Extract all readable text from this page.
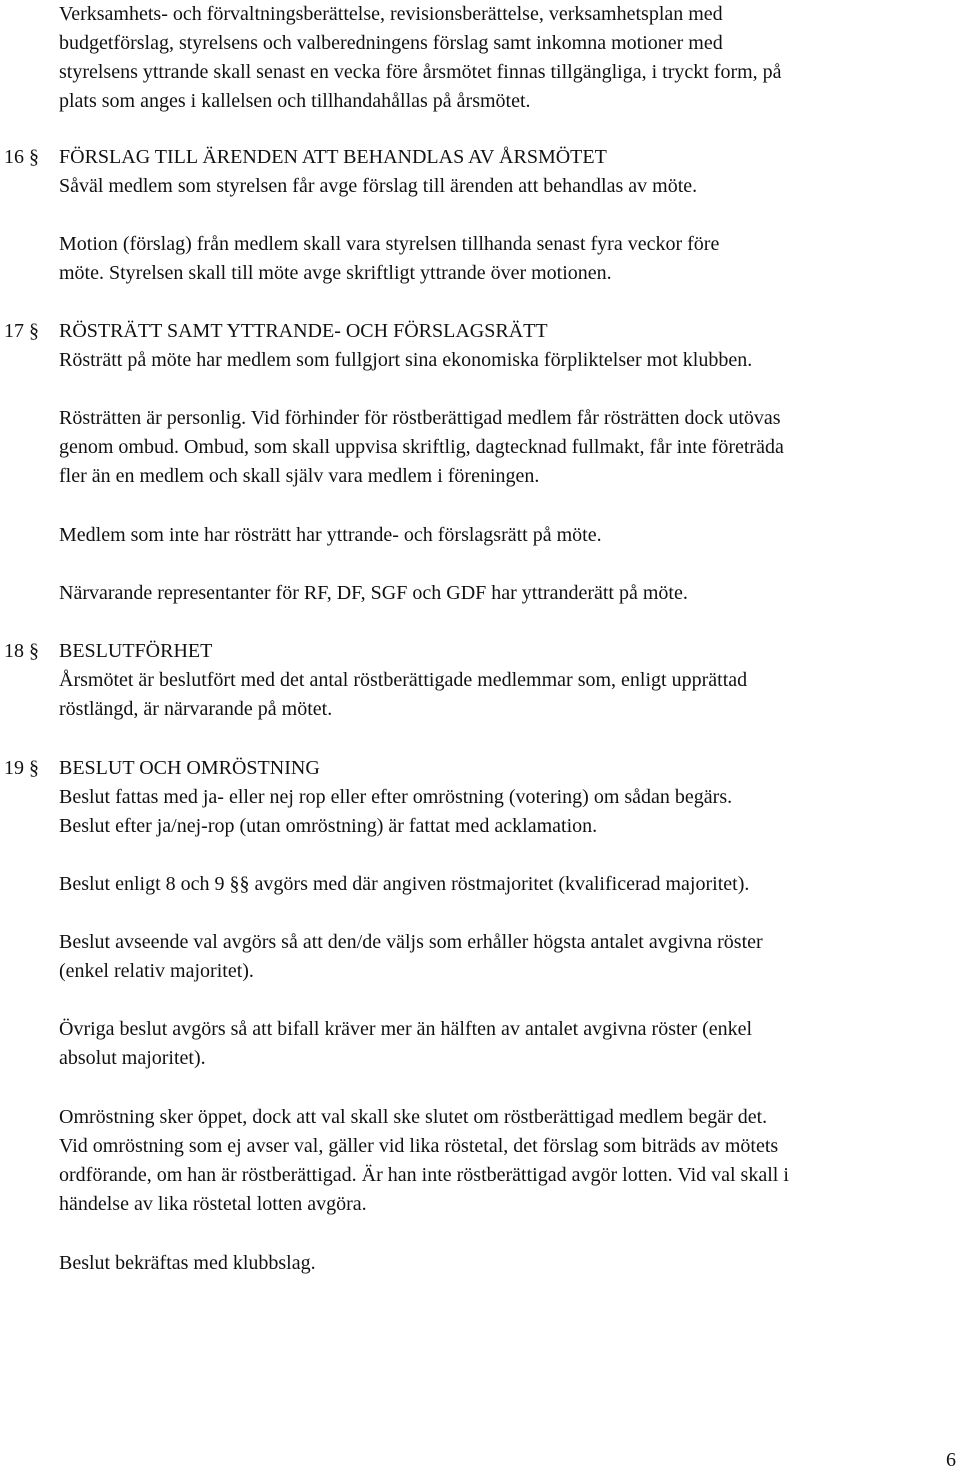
Verksamhets- och förvaltningsberättelse, revisionsberättelse, verksamhetsplan med
budgetförslag, styrelsens och valberedningens förslag samt inkomna motioner med
styrelsens yttrande skall senast en vecka före årsmötet finnas tillgängliga, i tryckt form, på
plats som anges i kallelsen och tillhandahållas på årsmötet.

16 § FÖRSLAG TILL ÄRENDEN ATT BEHANDLAS AV ÅRSMÖTET

Såväl medlem som styrelsen får avge förslag till ärenden att behandlas av möte.

Motion (förslag) från medlem skall vara styrelsen tillhanda senast fyra veckor före
möte. Styrelsen skall till möte avge skriftligt yttrande över motionen.

17 § RÖSTRÄTT SAMT YTTRANDE- OCH FÖRSLAGSRÄTT

Rösträtt på möte har medlem som fullgjort sina ekonomiska förpliktelser mot klubben.

Rösträtten är personlig. Vid förhinder för röstberättigad medlem får rösträtten dock utövas
genom ombud. Ombud, som skall uppvisa skriftlig, dagtecknad fullmakt, får inte företräda
fler än en medlem och skall själv vara medlem i föreningen.

Medlem som inte har rösträtt har yttrande- och förslagsrätt på möte.

Närvarande representanter för RF, DF, SGF och GDF har yttranderätt på möte.

18 § BESLUTFÖRHET

Årsmötet är beslutfört med det antal röstberättigade medlemmar som, enligt upprättad
röstlängd, är närvarande på mötet.

19 § BESLUT OCH OMRÖSTNING

Beslut fattas med ja- eller nej rop eller efter omröstning (votering) om sådan begärs.
Beslut efter ja/nej-rop (utan omröstning) är fattat med acklamation.

Beslut enligt 8 och 9 §§ avgörs med där angiven röstmajoritet (kvalificerad majoritet).

Beslut avseende val avgörs så att den/de väljs som erhåller högsta antalet avgivna röster
(enkel relativ majoritet).

Övriga beslut avgörs så att bifall kräver mer än hälften av antalet avgivna röster (enkel
absolut majoritet).

Omröstning sker öppet, dock att val skall ske slutet om röstberättigad medlem begär det.
Vid omröstning som ej avser val, gäller vid lika röstetal, det förslag som biträds av mötets
ordförande, om han är röstberättigad. Är han inte röstberättigad avgör lotten. Vid val skall i
händelse av lika röstetal lotten avgöra.

Beslut bekräftas med klubbslag.

6
